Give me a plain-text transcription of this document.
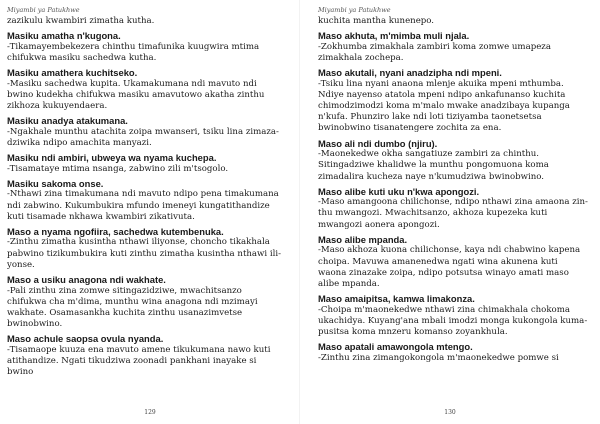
Miyambi ya Patukhwe
zazikulu kwambiri zimatha kutha.
Masiku amatha n'kugona.
-Tikamayembekezera chinthu timafunika kuugwira mtima chifukwa masiku sachedwa kutha.
Masiku amathera kuchitseko.
-Masiku sachedwa kupita. Ukamakumana ndi mavuto ndi bwino kudekha chifukwa masiku amavutowo akatha zinthu zikhoza kukuyendaera.
Masiku anadya atakumana.
-Ngakhale munthu atachita zoipa mwanseri, tsiku lina zimazadziwika ndipo amachita manyazi.
Masiku ndi ambiri, ubweya wa nyama kuchepa.
-Tisamataye mtima nsanga, zabwino zili m'tsogolo.
Masiku sakoma onse.
-Nthawi zina timakumana ndi mavuto ndipo pena timakumana ndi zabwino. Kukumbukira mfundo imeneyi kungatithandize kuti tisamade nkhawa kwambiri zikativuta.
Maso a nyama ngofiira, sachedwa kutembenuka.
-Zinthu zimatha kusintha nthawi iliyonse, choncho tikakhala pabwino tizikumbukira kuti zinthu zimatha kusintha nthawi iliyonse.
Maso a usiku anagona ndi wakhate.
-Pali zinthu zina zomwe sitingazidziwe, mwachitsanzo chifukwa cha m'dima, munthu wina anagona ndi mzimayi wakhate. Osamasankha kuchita zinthu usanazimvetse bwinobwino.
Maso achule saopsa ovula nyanda.
-Tisamaope kuuza ena mavuto amene tikukumana nawo kuti atithandize. Ngati tikudziwa zoonadi pankhani inayake si bwino
129
Miyambi ya Patukhwe
kuchita mantha kunenepo.
Maso akhuta, m'mimba muli njala.
-Zokhumba zimakhala zambiri koma zomwe umapeza zimakhala zochepa.
Maso akutali, nyani anadzipha ndi mpeni.
-Tsiku lina nyani anaona mlenje akuika mpeni mthumba. Ndiye nayenso atatola mpeni ndipo ankafunanso kuchita chimodzimodzi koma m'malo mwake anadzibaya kupanga n'kufa. Phunziro lake ndi loti tiziyamba taonetsetsa bwinobwino tisanatengere zochita za ena.
Maso ali ndi dumbo (njiru).
-Maonekedwe okha sangatiuze zambiri za chinthu. Sitingadziwe khalidwe la munthu pongomuona koma zimadalira kucheza naye n'kumudziwa bwinobwino.
Maso alibe kuti uku n'kwa apongozi.
-Maso amangoona chilichonse, ndipo nthawi zina amaona zinthu mwangozi. Mwachitsanzo, akhoza kupezeka kuti mwangozi aonera apongozi.
Maso alibe mpanda.
-Maso akhoza kuona chilichonse, kaya ndi chabwino kapena choipa. Mavuwa amanenedwa ngati wina akunena kuti waona zinazake zoipa, ndipo potsutsa winayo amati maso alibe mpanda.
Maso amaipitsa, kamwa limakonza.
-Choipa m'maonekedwe nthawi zina chimakhala chokoma ukachidya. Kuyang'ana mbali imodzi monga kukongola kumapusitsa koma mnzeru komanso zoyankhula.
Maso apatali amawongola mtengo.
-Zinthu zina zimangokongola m'maonekedwe pomwe si
130
